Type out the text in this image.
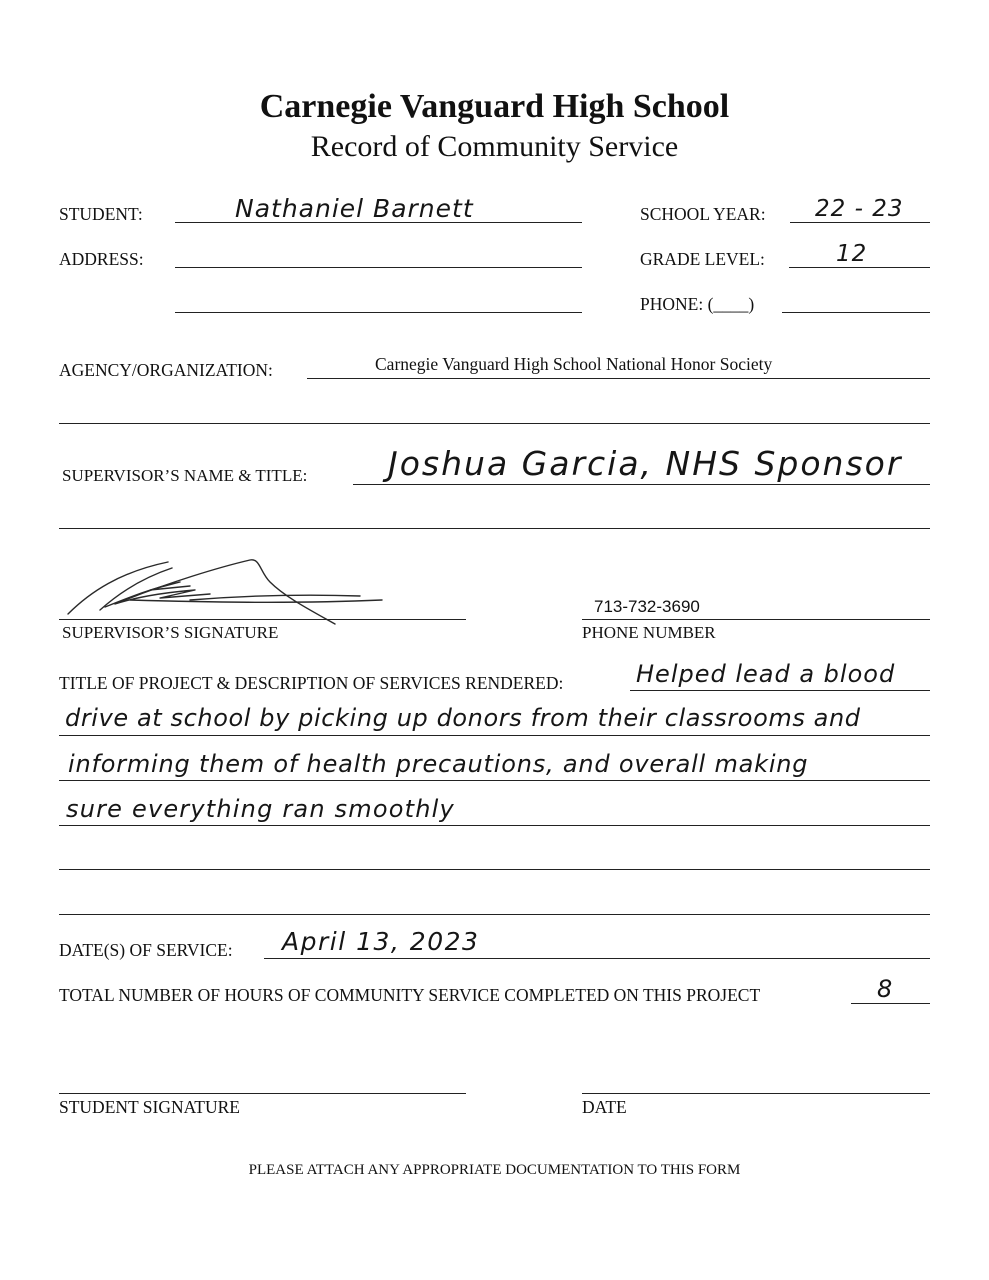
Carnegie Vanguard High School
Record of Community Service
STUDENT:	Nathaniel Barnett	SCHOOL YEAR: 22 - 23
ADDRESS:	GRADE LEVEL:	12
PHONE: (____)
AGENCY/ORGANIZATION:	Carnegie Vanguard High School National Honor Society
SUPERVISOR’S NAME & TITLE: Joshua Garcia, NHS Sponsor
SUPERVISOR’S SIGNATURE
713-732-3690
PHONE NUMBER
TITLE OF PROJECT & DESCRIPTION OF SERVICES RENDERED:	Helped lead a blood
drive at school by picking up donors from their classrooms and
informing them of health precautions, and overall making
sure everything ran smoothly
DATE(S) OF SERVICE: April 13, 2023
TOTAL NUMBER OF HOURS OF COMMUNITY SERVICE COMPLETED ON THIS PROJECT	8
STUDENT SIGNATURE	DATE
PLEASE ATTACH ANY APPROPRIATE DOCUMENTATION TO THIS FORM
